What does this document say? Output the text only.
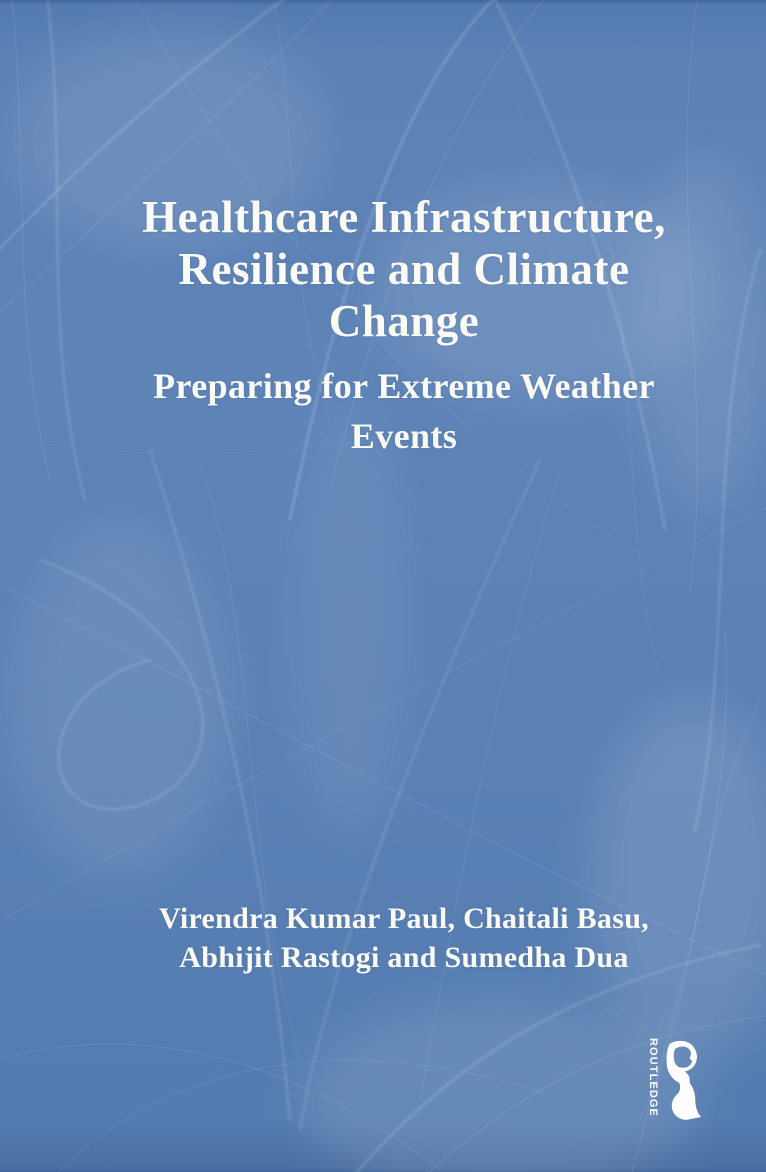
Healthcare Infrastructure,
Resilience and Climate
Change
Preparing for Extreme Weather
Events
Virendra Kumar Paul, Chaitali Basu,
Abhijit Rastogi and Sumedha Dua
ROUTLEDGE
